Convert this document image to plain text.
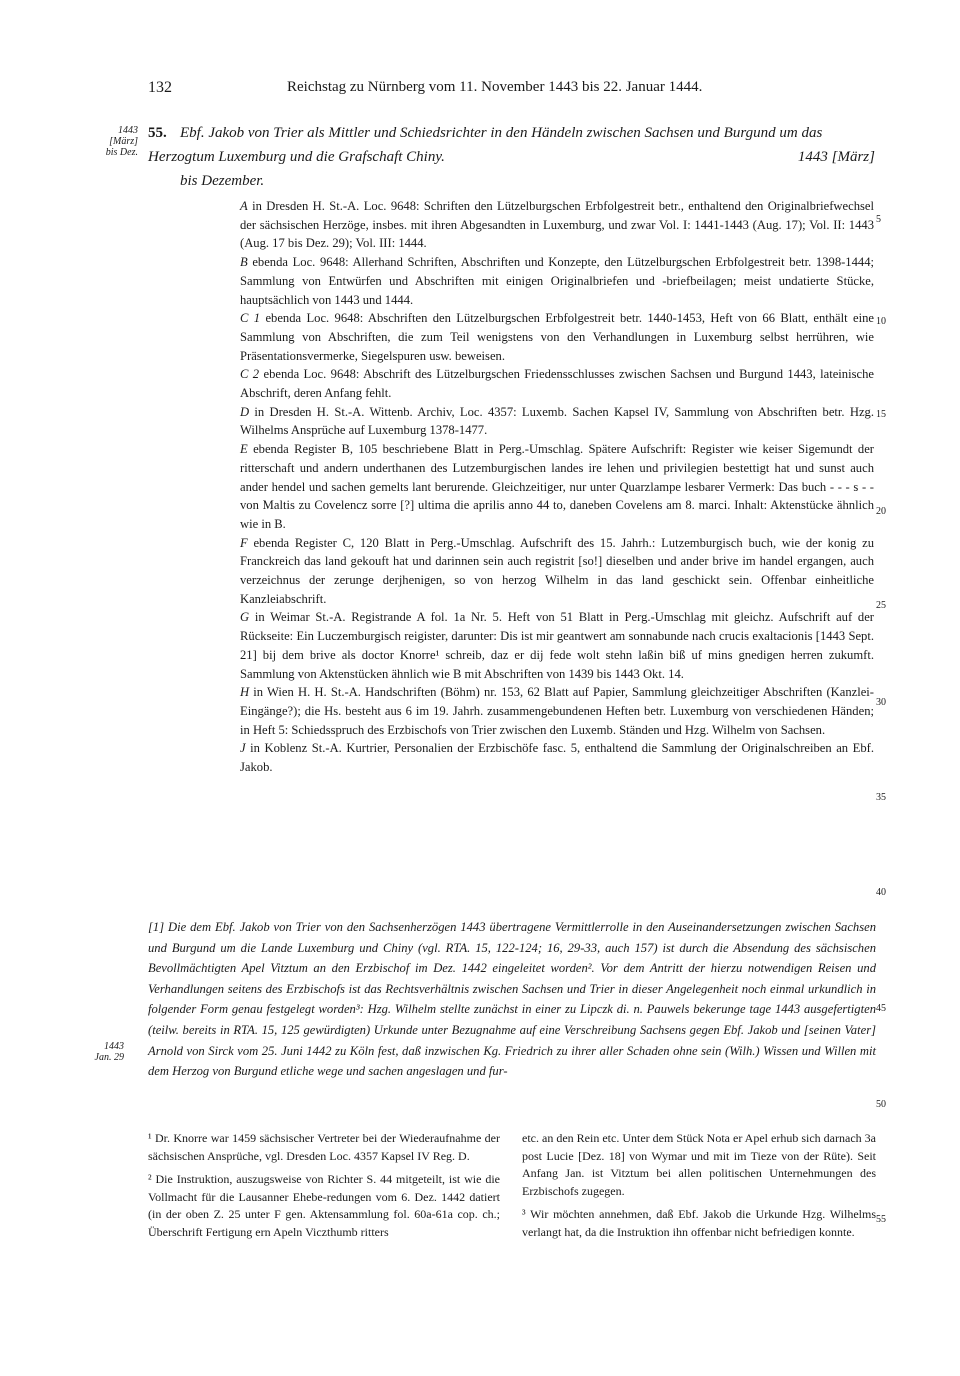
132	Reichstag zu Nürnberg vom 11. November 1443 bis 22. Januar 1444.
1443
[März]
bis Dez.
55. Ebf. Jakob von Trier als Mittler und Schiedsrichter in den Händeln zwischen Sachsen und Burgund um das Herzogtum Luxemburg und die Grafschaft Chiny.	1443 [März]
bis Dezember.

A in Dresden H. St.-A. Loc. 9648: Schriften den Lützelburgschen Erbfolgestreit betr., enthaltend den Originalbriefwechsel der sächsischen Herzöge, insbes. mit ihren Abgesandten in Luxemburg, und zwar Vol. I: 1441-1443 (Aug. 17); Vol. II: 1443 (Aug. 17 bis Dez. 29); Vol. III: 1444.

B ebenda Loc. 9648: Allerhand Schriften, Abschriften und Konzepte, den Lützelburgschen Erbfolgestreit betr. 1398-1444; Sammlung von Entwürfen und Abschriften mit einigen Originalbriefen und -briefbeilagen; meist undatierte Stücke, hauptsächlich von 1443 und 1444.

C 1 ebenda Loc. 9648: Abschriften den Lützelburgschen Erbfolgestreit betr. 1440-1453, Heft von 66 Blatt, enthält eine Sammlung von Abschriften, die zum Teil wenigstens von den Verhandlungen in Luxemburg selbst herrühren, wie Präsentationsvermerke, Siegelspuren usw. beweisen.

C 2 ebenda Loc. 9648: Abschrift des Lützelburgschen Friedensschlusses zwischen Sachsen und Burgund 1443, lateinische Abschrift, deren Anfang fehlt.

D in Dresden H. St.-A. Wittenb. Archiv, Loc. 4357: Luxemb. Sachen Kapsel IV, Sammlung von Abschriften betr. Hzg. Wilhelms Ansprüche auf Luxemburg 1378-1477.

E ebenda Register B, 105 beschriebene Blatt in Perg.-Umschlag. Spätere Aufschrift: Register wie keiser Sigemundt der ritterschaft und andern underthanen des Lutzemburgischen landes ire lehen und privilegien bestettigt hat und sunst auch ander hendel und sachen gemelts lant berurende. Gleichzeitiger, nur unter Quarzlampe lesbarer Vermerk: Das buch - - - s - - von Maltis zu Covelencz sorre [?] ultima die aprilis anno 44 to, daneben Covelens am 8. marci. Inhalt: Aktenstücke ähnlich wie in B.

F ebenda Register C, 120 Blatt in Perg.-Umschlag. Aufschrift des 15. Jahrh.: Lutzemburgisch buch, wie der konig zu Franckreich das land gekouft hat und darinnen sein auch registrit [so!] dieselben und ander brive im handel ergangen, auch verzeichnus der zerunge derjhenigen, so von herzog Wilhelm in das land geschickt sein. Offenbar einheitliche Kanzleiabschrift.

G in Weimar St.-A. Registrande A fol. 1a Nr. 5. Heft von 51 Blatt in Perg.-Umschlag mit gleichz. Aufschrift auf der Rückseite: Ein Luczemburgisch reigister, darunter: Dis ist mir geantwert am sonnabunde nach crucis exaltacionis [1443 Sept. 21] bij dem brive als doctor Knorre¹ schreib, daz er dij fede wolt stehn laßin biß uf mins gnedigen herren zukumft. Sammlung von Aktenstücken ähnlich wie B mit Abschriften von 1439 bis 1443 Okt. 14.

H in Wien H. H. St.-A. Handschriften (Böhm) nr. 153, 62 Blatt auf Papier, Sammlung gleichzeitiger Abschriften (Kanzlei-Eingänge?); die Hs. besteht aus 6 im 19. Jahrh. zusammengebundenen Heften betr. Luxemburg von verschiedenen Händen; in Heft 5: Schiedsspruch des Erzbischofs von Trier zwischen den Luxemb. Ständen und Hzg. Wilhelm von Sachsen.

J in Koblenz St.-A. Kurtrier, Personalien der Erzbischöfe fasc. 5, enthaltend die Sammlung der Originalschreiben an Ebf. Jakob.

5
10
15
20
25
30
35
40
45
50
55
1443
Jan. 29
[1] Die dem Ebf. Jakob von Trier von den Sachsenherzögen 1443 übertragene Vermittlerrolle in den Auseinandersetzungen zwischen Sachsen und Burgund um die Lande Luxemburg und Chiny (vgl. RTA. 15, 122-124; 16, 29-33, auch 157) ist durch die Absendung des sächsischen Bevollmächtigten Apel Vitztum an den Erzbischof im Dez. 1442 eingeleitet worden². Vor dem Antritt der hierzu notwendigen Reisen und Verhandlungen seitens des Erzbischofs ist das Rechtsverhältnis zwischen Sachsen und Trier in dieser Angelegenheit noch einmal urkundlich in folgender Form genau festgelegt worden³: Hzg. Wilhelm stellte zunächst in einer zu Lipczk di. n. Pauwels bekerunge tage 1443 ausgefertigten (teilw. bereits in RTA. 15, 125 gewürdigten) Urkunde unter Bezugnahme auf eine Verschreibung Sachsens gegen Ebf. Jakob und [seinen Vater] Arnold von Sirck vom 25. Juni 1442 zu Köln fest, daß inzwischen Kg. Friedrich zu ihrer aller Schaden ohne sein (Wilh.) Wissen und Willen mit dem Herzog von Burgund etliche wege und sachen angeslagen und fur-

¹ Dr. Knorre war 1459 sächsischer Vertreter bei der Wiederaufnahme der sächsischen Ansprüche, vgl. Dresden Loc. 4357 Kapsel IV Reg. D.

² Die Instruktion, auszugsweise von Richter S. 44 mitgeteilt, ist wie die Vollmacht für die Lausanner Ehebe-redungen vom 6. Dez. 1442 datiert (in der oben Z. 25 unter F gen. Aktensammlung fol. 60a-61a cop. ch.; Überschrift Fertigung ern Apeln Viczthumb ritters

etc. an den Rein etc. Unter dem Stück Nota er Apel erhub sich darnach 3a post Lucie [Dez. 18] von Wymar und mit im Tieze von der Rüte). Seit Anfang Jan. ist Vitztum bei allen politischen Unternehmungen des Erzbischofs zugegen.

³ Wir möchten annehmen, daß Ebf. Jakob die Urkunde Hzg. Wilhelms verlangt hat, da die Instruktion ihn offenbar nicht befriedigen konnte.
